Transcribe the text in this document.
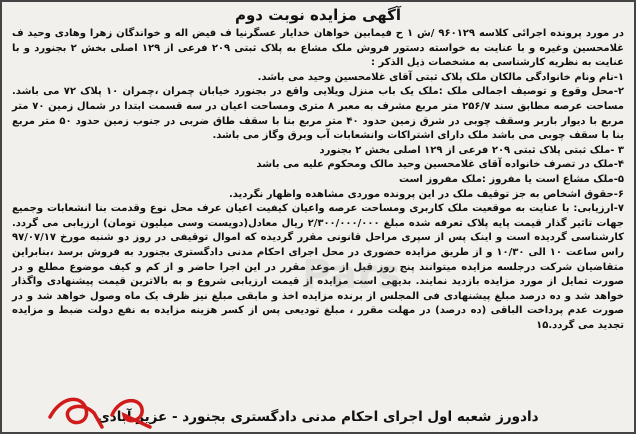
آگهی مزایده نوبت دوم

در مورد پرونده اجرائی کلاسه ۹۶۰۱۲۹ /ش ۱ ح فیمابین خواهان خدایار عسگرنیا ف فیض اله و خواندگان زهرا وهادی وحید ف غلامحسین وغیره و با عنایت به خواسته دستور فروش ملک مشاع به پلاک ثبتی ۲۰۹ فرعی از ۱۲۹ اصلی بخش ۲ بجنورد و با عنایت به نظریه کارشناسی به مشخصات ذیل الذکر :

۱-نام ونام خانوادگی مالکان ملک پلاک ثبتی آقای غلامحسین وحید می باشد.

۲-محل وقوع و توصیف اجمالی ملک :ملک یک باب منزل ویلایی واقع در بجنورد خیابان چمران ،چمران ۱۰ پلاک ۷۲ می باشد. مساحت عرصه مطابق سند ۲۵۶/۷ متر مربع مشرف به معبر ۸ متری ومساحت اعیان در سه قسمت ابتدا در شمال زمین ۷۰ متر مربع با دیوار باربر وسقف چوبی در شرق زمین حدود ۴۰ متر مربع بنا با سقف طاق ضربی در جنوب زمین حدود ۵۰ متر مربع بنا با سقف چوبی می باشد ملک دارای اشتراکات وانشعابات آب وبرق وگاز می باشد.

۳ -ملک ثبتی پلاک ثبتی ۲۰۹ فرعی از ۱۲۹ اصلی بخش ۲ بجنورد

۴-ملک در تصرف خانواده آقای غلامحسین وحید مالک ومحکوم علیه می باشد

۵-ملک مشاع است یا مفروز :ملک مفروز است

۶-حقوق اشخاص به جز توقیف ملک در این پرونده موردی مشاهده واظهار نگردید.

۷-ارزیابی: با عنایت به موقعیت ملک کاربری ومساحت عرصه واعیان کیفیت اعیان عرف محل نوع وقدمت بنا انشعابات وجمیع جهات تاثیر گذار قیمت پایه پلاک تعرفه شده مبلغ ۲/۳۰۰/۰۰۰/۰۰۰ ریال معادل(دویست وسی میلیون تومان) ارزیابی می گردد. کارشناسی گردیده است و اینک پس از سپری مراحل قانونی مقرر گردیده که اموال توقیفی در روز دو شنبه مورخ ۹۷/۰۷/۱۷ راس ساعت ۱۰ الی ۱۰/۳۰ و از طریق مزایده حضوری در محل اجرای احکام مدنی دادگستری بجنورد به فروش برسد ،بنابراین متقاضیان شرکت درجلسه مزایده میتوانند پنج روز قبل از موعد مقرر در این اجرا حاضر و از کم و کیف موضوع مطلع و در صورت تمایل از مورد مزایده بازدید نمایند. بدیهی است مزایده از قیمت ارزیابی شروع و به بالاترین قیمت پیشنهادی واگذار خواهد شد و ده درصد مبلغ پیشنهادی فی المجلس از برنده مزایده اخذ و مابقی مبلغ نیز ظرف یک ماه وصول خواهد شد و در صورت عدم پرداخت الباقی (ده درصد) در مهلت مقرر ، مبلغ تودیعی پس از کسر هزینه مزایده به نفع دولت ضبط و مزایده تجدید می گردد.۱۵

دادورز شعبه اول اجرای احکام مدنی دادگستری بجنورد - عزیز آبادی
Pars
